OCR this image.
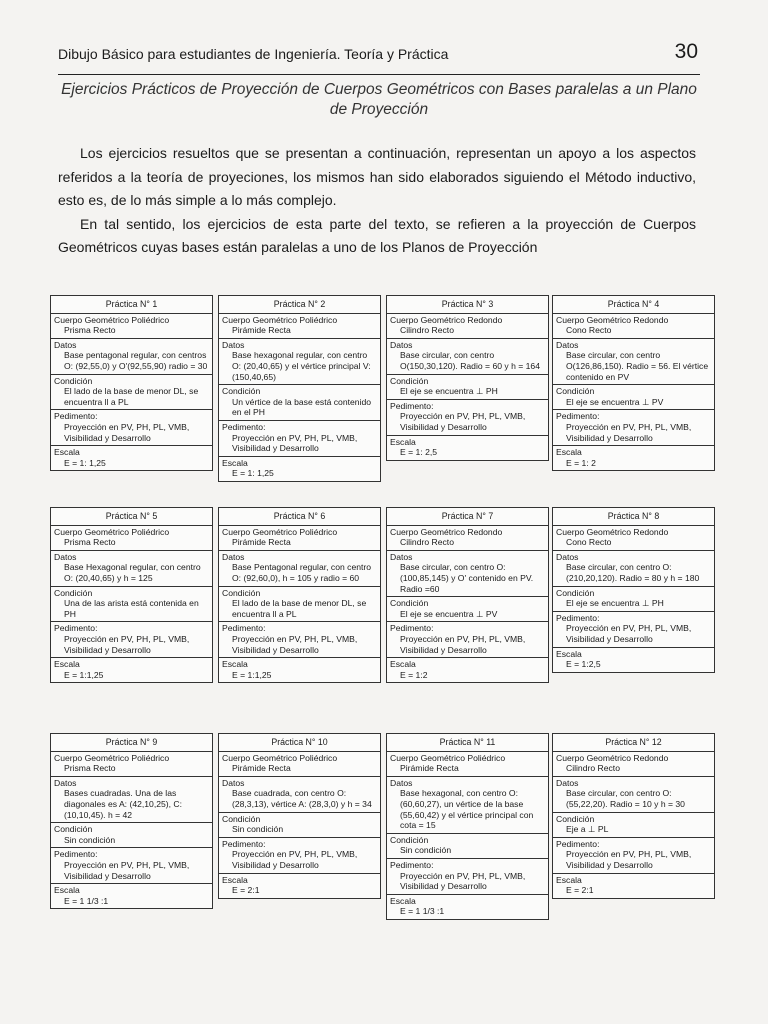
Dibujo Básico para estudiantes de Ingeniería. Teoría y Práctica	30
Ejercicios Prácticos de Proyección de Cuerpos Geométricos con Bases paralelas a un Plano de Proyección

Los ejercicios resueltos que se presentan a continuación, representan un apoyo a los aspectos referidos a la teoría de proyeciones, los mismos han sido elaborados siguiendo el Método inductivo, esto es, de lo más simple a lo más complejo.

En tal sentido, los ejercicios de esta parte del texto, se refieren a la proyección de Cuerpos Geométricos cuyas bases están paralelas a uno de los Planos de Proyección

Práctica N° 1
Cuerpo Geométrico Poliédrico
Prisma Recto
Datos
Base pentagonal regular, con centros O: (92,55,0) y O'(92,55,90) radio = 30
Condición
El lado de la base de menor DL, se encuentra ll a PL
Pedimento:
Proyección en PV, PH, PL, VMB, Visibilidad y Desarrollo
Escala
E = 1: 1,25
Práctica N° 2
Cuerpo Geométrico Poliédrico
Pirámide Recta
Datos
Base hexagonal regular, con centro O: (20,40,65) y el vértice principal V: (150,40,65)
Condición
Un vértice de la base está contenido en el PH
Pedimento:
Proyección en PV, PH, PL, VMB, Visibilidad y Desarrollo
Escala
E = 1: 1,25
Práctica N° 3
Cuerpo Geométrico Redondo
Cilindro Recto
Datos
Base circular, con centro O(150,30,120). Radio = 60 y h = 164
Condición
El eje se encuentra ⊥ PH
Pedimento:
Proyección en PV, PH, PL, VMB, Visibilidad y Desarrollo
Escala
E = 1: 2,5
Práctica N° 4
Cuerpo Geométrico Redondo
Cono Recto
Datos
Base circular, con centro O(126,86,150). Radio = 56. El vértice contenido en PV
Condición
El eje se encuentra ⊥ PV
Pedimento:
Proyección en PV, PH, PL, VMB, Visibilidad y Desarrollo
Escala
E = 1: 2
Práctica N° 5
Cuerpo Geométrico Poliédrico
Prisma Recto
Datos
Base Hexagonal regular, con centro O: (20,40,65) y h = 125
Condición
Una de las arista está contenida en PH
Pedimento:
Proyección en PV, PH, PL, VMB, Visibilidad y Desarrollo
Escala
E = 1:1,25
Práctica N° 6
Cuerpo Geométrico Poliédrico
Pirámide Recta
Datos
Base Pentagonal regular, con centro O: (92,60,0), h = 105 y radio = 60
Condición
El lado de la base de menor DL, se encuentra ll a PL
Pedimento:
Proyección en PV, PH, PL, VMB, Visibilidad y Desarrollo
Escala
E = 1:1,25
Práctica N° 7
Cuerpo Geométrico Redondo
Cilindro Recto
Datos
Base circular, con centro O: (100,85,145) y O' contenido en PV. Radio =60
Condición
El eje se encuentra ⊥ PV
Pedimento:
Proyección en PV, PH, PL, VMB, Visibilidad y Desarrollo
Escala
E = 1:2
Práctica N° 8
Cuerpo Geométrico Redondo
Cono Recto
Datos
Base circular, con centro O: (210,20,120). Radio = 80 y h = 180
Condición
El eje se encuentra ⊥ PH
Pedimento:
Proyección en PV, PH, PL, VMB, Visibilidad y Desarrollo
Escala
E = 1:2,5
Práctica N° 9
Cuerpo Geométrico Poliédrico
Prisma Recto
Datos
Bases cuadradas. Una de las diagonales es A: (42,10,25), C: (10,10,45). h = 42
Condición
Sin condición
Pedimento:
Proyección en PV, PH, PL, VMB, Visibilidad y Desarrollo
Escala
E = 1 1/3 :1
Práctica N° 10
Cuerpo Geométrico Poliédrico
Pirámide Recta
Datos
Base cuadrada, con centro O: (28,3,13), vértice A: (28,3,0) y h = 34
Condición
Sin condición
Pedimento:
Proyección en PV, PH, PL, VMB, Visibilidad y Desarrollo
Escala
E = 2:1
Práctica N° 11
Cuerpo Geométrico Poliédrico
Pirámide Recta
Datos
Base hexagonal, con centro O: (60,60,27), un vértice de la base (55,60,42) y el vértice principal con cota = 15
Condición
Sin condición
Pedimento:
Proyección en PV, PH, PL, VMB, Visibilidad y Desarrollo
Escala
E = 1 1/3 :1
Práctica N° 12
Cuerpo Geométrico Redondo
Cilindro Recto
Datos
Base circular, con centro O: (55,22,20). Radio = 10 y h = 30
Condición
Eje a ⊥ PL
Pedimento:
Proyección en PV, PH, PL, VMB, Visibilidad y Desarrollo
Escala
E = 2:1
